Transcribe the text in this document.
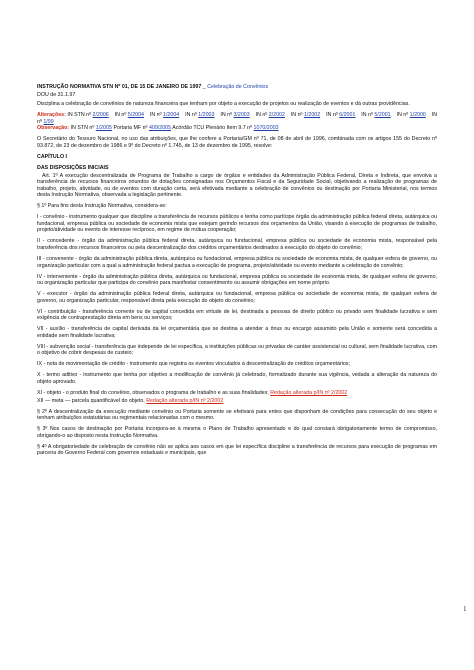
INSTRUÇÃO NORMATIVA STN Nº 01, DE 15 DE JANEIRO DE 1997 _ Celebração de Convênios
DOU de 31.1.97
Disciplina a celebração de convênios de natureza financeira que tenham por objeto a execução de projetos ou realização de eventos e dá outras providências.
Alterações: IN STN nº 2/2006 IN nº 5/2004 IN nº 1/2004 IN nº 1/2003 IN nº 3/2003 IN nº 2/2002 IN nº 1/2002 IN nº 6/2001 IN nº 5/2001 IN nº 1/2000 IN nº 1/99
Observação: IN STN nº 1/2005 Portaria MF nº 409/2005 Acórdão TCU Plenário Item 9.7 nº 1070/2003
O Secretário do Tesouro Nacional, no uso das atribuições, que lhe confere a Portaria/GM nº 71, de 08 de abril de 1996, combinada com os artigos 155 do Decreto nº 93.872, de 23 de dezembro de 1986 e 9º do Decreto nº 1.745, de 13 de dezembro de 1995, resolve:
CAPÍTULO I
DAS DISPOSIÇÕES INICIAIS
Art. 1º A execução descentralizada de Programa de Trabalho a cargo de órgãos e entidades da Administração Pública Federal, Direta e Indireta, que envolva a transferência de recursos financeiros oriundos de dotações consignadas nos Orçamentos Fiscal e da Seguridade Social, objetivando a realização de programas de trabalho, projeto, atividade, ou de eventos com duração certa, será efetivada mediante a celebração de convênios ou destinação por Portaria Ministerial, nos termos desta Instrução Normativa, observada a legislação pertinente.
§ 1º Para fins desta Instrução Normativa, considera-se:
I - convênio - instrumento qualquer que discipline a transferência de recursos públicos e tenha como partícipe órgão da administração pública federal direta, autárquica ou fundacional, empresa pública ou sociedade de economia mista que estejam gerindo recursos dos orçamentos da União, visando à execução de programas de trabalho, projeto/atividade ou evento de interesse recíproco, em regime de mútua cooperação;
II - concedente - órgão da administração pública federal direta, autárquica ou fundacional, empresa pública ou sociedade de economia mista, responsável pela transferência dos recursos financeiros ou pela descentralização dos créditos orçamentários destinados à execução do objeto do convênio;
III - convenente - órgão da administração pública direta, autárquica ou fundacional, empresa pública ou sociedade de economia mista, de qualquer esfera de governo, ou organização particular com a qual a administração federal pactua a execução de programa, projeto/atividade ou evento mediante a celebração de convênio;
IV - interveniente - órgão da administração pública direta, autárquica ou fundacional, empresa pública ou sociedade de economia mista, de qualquer esfera de governo, ou organização particular que participa do convênio para manifestar consentimento ou assumir obrigações em nome próprio.
V - executor - órgão da administração pública federal direta, autárquica ou fundacional, empresa pública ou sociedade de economia mista, de qualquer esfera de governo, ou organização particular, responsável direta pela execução do objeto do convênio;
VI - contribuição - transferência corrente ou de capital concedida em virtude de lei, destinada a pessoas de direito público ou privado sem finalidade lucrativa e sem exigência de contraprestação direta em bens ou serviços;
VII - auxílio - transferência de capital derivada da lei orçamentária que se destina a atender a ônus ou encargo assumido pela União e somente será concedida a entidade sem finalidade lucrativa;
VIII - subvenção social - transferência que independe de lei específica, a instituições públicas ou privadas de caráter assistencial ou cultural, sem finalidade lucrativa, com o objetivo de cobrir despesas de custeio;
IX - nota de movimentação de crédito - instrumento que registra os eventos vinculados à descentralização de créditos orçamentários;
X - termo aditivo - instrumento que tenha por objetivo a modificação de convênio já celebrado, formalizado durante sua vigência, vedada a alteração da natureza do objeto aprovado.
XI - objeto - o produto final do convênio, observados o programa de trabalho e as suas finalidades; Redação alterada p/IN nº 2/2002
XII — meta — parcela quantificável do objeto. Redação alterada p/IN nº 2/2002
§ 2º A descentralização da execução mediante convênio ou Portaria somente se efetivará para entes que disponham de condições para consecução do seu objeto e tenham atribuições estatutárias ou regimentais relacionadas com o mesmo.
§ 3º Nos casos de destinação por Portaria incorpora-se à mesma o Plano de Trabalho apresentado e do qual constará obrigatoriamente termo de compromisso, obrigando-o ao disposto nesta Instrução Normativa.
§ 4º A obrigatoriedade de celebração de convênio não se aplica aos casos em que lei específica discipline a transferência de recursos para execução de programas em parceria do Governo Federal com governos estaduais e municipais, que
1
